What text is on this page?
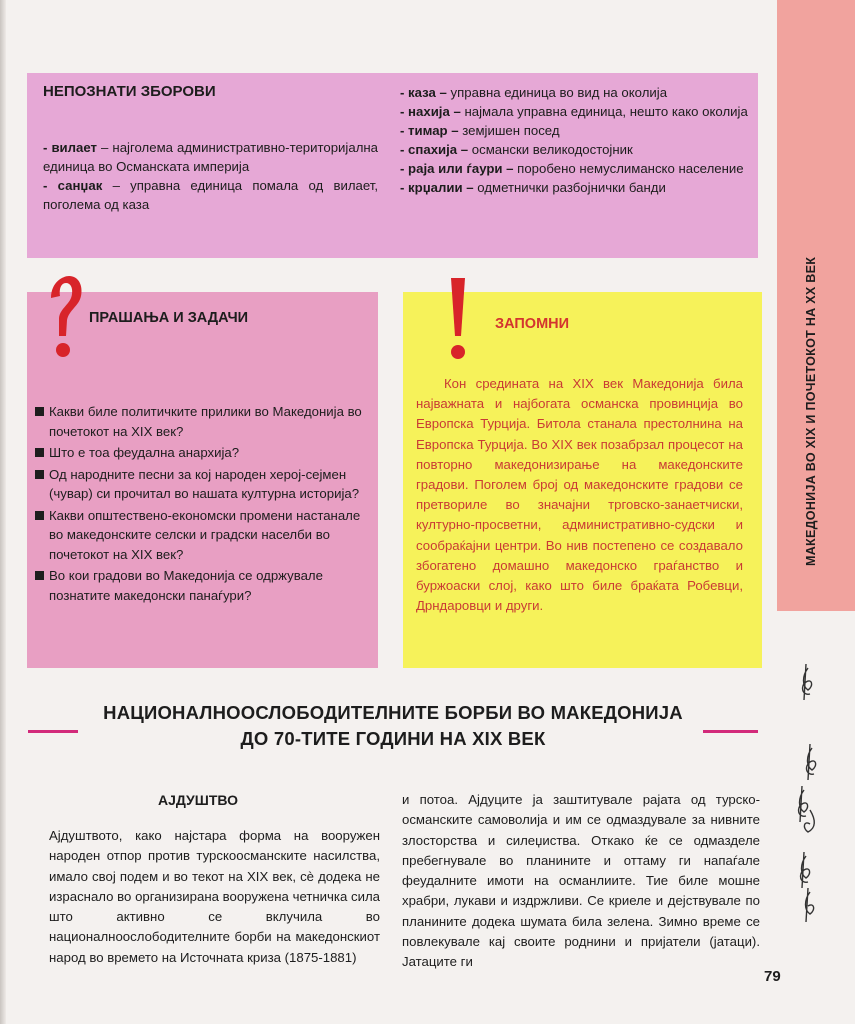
НЕПОЗНАТИ ЗБОРОВИ
- вилает – најголема административно-териториjална единица во Османската империjа
- санџак – управна единица помала од вилает, поголема од каза
- каза – управна единица во вид на околиjа
- нахиjа – најмала управна единица, нешто како околиjа
- тимар – земjишен посед
- спахиjа – османски великодостоjник
- раjа или ѓаури – поробено немуслиманско население
- крџалии – одметнички разбоjнички банди
ПРАШАЊА И ЗАДАЧИ
Какви биле политичките прилики во Македониjа во почетокот на XIX век?
Што е тоа феудална анархиjа?
Од народните песни за коj народен хероj-сеjмен (чувар) си прочитал во нашата културна историjа?
Какви општествено-економски промени настанале во македонските селски и градски населби во почетокот на XIX век?
Во кои градови во Македониjа се одржувале познатите македонски панаѓури?
ЗАПОМНИ

Кон средината на XIX век Македониjа била наjважната и наjбогата османска провинциjа во Европска Турциjа. Битола станала престолнина на Европска Турциjа. Во XIX век позабрзал процесот на повторно македонизирање на македонските градови. Поголем броj од македонските градови се претвориле во значаjни трговско-занаетчиски, културно-просветни, административно-судски и сообраќаjни центри. Во нив постепено се создавало збогатено домашно македонско граѓанство и буржоаски слоj, како што биле браќата Робевци, Дрндаровци и други.

МАКЕДОНИЈА ВО XIX И ПОЧЕТОКОТ НА XX ВЕК
НАЦИОНАЛНООСЛОБОДИТЕЛНИТЕ БОРБИ ВО МАКЕДОНИЈА
ДО 70-ТИТЕ ГОДИНИ НА XIX ВЕК
АЈДУШТВО

Аjдуштвото, како наjстара форма на вооружен народен отпор против турскоосманските насилства, имало своj подем и во текот на XIX век, сè додека не израснало во организирана вооружена четничка сила што активно се вклучила во националноослободителните борби на македонскиот народ во времето на Источната криза (1875-1881)

и потоа. Аjдуците jа заштитувале раjата од турско-османските самоволиjа и им се одмаздувале за нивните злосторства и силеџиства. Откако ќе се одмазделе пребегнувале во планините и оттаму ги напаѓале феудалните имоти на османлиите. Тие биле мошне храбри, лукави и издржливи. Се криеле и дејствувале по планините додека шумата била зелена. Зимно време се повлекувале каj своите роднини и приjатели (jатаци). Jатаците ги

79
